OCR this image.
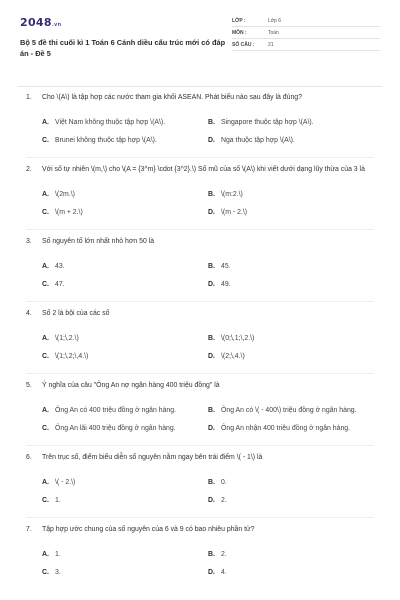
2048.vn
Bộ 5 đề thi cuối kì 1 Toán 6 Cánh diều cấu trúc mới có đáp án - Đề 5
LỚP :	Lớp 6
MÔN :	Toán
SỐ CÂU :	21
1.	Cho \(A\) là tập hợp các nước tham gia khối ASEAN. Phát biểu nào sau đây là đúng?
A. Việt Nam không thuộc tập hợp \(A\).	B. Singapore thuộc tập hợp \(A\).
C. Brunei không thuộc tập hợp \(A\).	D. Nga thuộc tập hợp \(A\).
2.	Với số tự nhiên \(m,\) cho \(A = {3^m} \cdot {3^2}.\) Số mũ của số \(A\) khi viết dưới dạng lũy thừa của 3 là
A. \(2m.\)	B. \(m:2.\)
C. \(m + 2.\)	D. \(m - 2.\)
3.	Số nguyên tố lớn nhất nhỏ hơn 50 là
A. 43.	B. 45.
C. 47.	D. 49.
4.	Số 2 là bội của các số
A. \(1;\,2.\)	B. \(0;\,1;\,2.\)
C. \(1;\,2;\,4.\)	D. \(2;\,4.\)
5.	Ý nghĩa của câu "Ông An nợ ngân hàng 400 triệu đồng" là
A. Ông An có 400 triệu đồng ở ngân hàng.	B. Ông An có \( - 400\) triệu đồng ở ngân hàng.
C. Ông An lãi 400 triệu đồng ở ngân hàng.	D. Ông An nhận 400 triệu đồng ở ngân hàng.
6.	Trên trục số, điểm biểu diễn số nguyên nằm ngay bên trái điểm \( - 1\) là
A. \( - 2.\)	B. 0.
C. 1.	D. 2.
7.	Tập hợp ước chung của số nguyên của 6 và 9 có bao nhiêu phần tử?
A. 1.	B. 2.
C. 3.	D. 4.
